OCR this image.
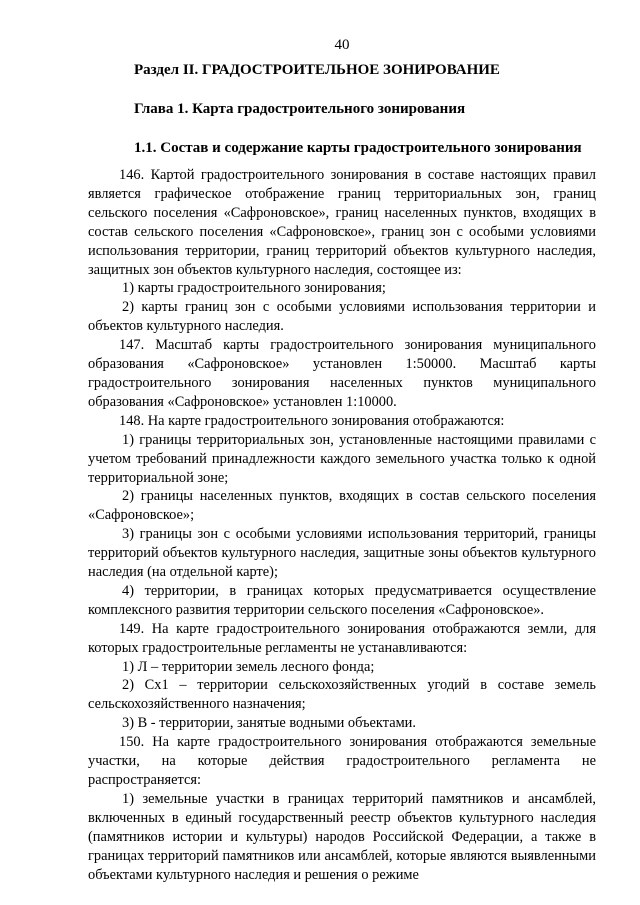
40
Раздел II. ГРАДОСТРОИТЕЛЬНОЕ ЗОНИРОВАНИЕ
Глава 1. Карта градостроительного зонирования
1.1. Состав и содержание карты градостроительного зонирования

146. Картой градостроительного зонирования в составе настоящих правил является графическое отображение границ территориальных зон, границ сельского поселения «Сафроновское», границ населенных пунктов, входящих в состав сельского поселения «Сафроновское», границ зон с особыми условиями использования территории, границ территорий объектов культурного наследия, защитных зон объектов культурного наследия, состоящее из:

1) карты градостроительного зонирования;

2) карты границ зон с особыми условиями использования территории и объектов культурного наследия.

147. Масштаб карты градостроительного зонирования муниципального образования «Сафроновское» установлен 1:50000. Масштаб карты градостроительного зонирования населенных пунктов муниципального образования «Сафроновское» установлен 1:10000.

148. На карте градостроительного зонирования отображаются:

1) границы территориальных зон, установленные настоящими правилами с учетом требований принадлежности каждого земельного участка только к одной территориальной зоне;

2) границы населенных пунктов, входящих в состав сельского поселения «Сафроновское»;

3) границы зон с особыми условиями использования территорий, границы территорий объектов культурного наследия, защитные зоны объектов культурного наследия (на отдельной карте);

4) территории, в границах которых предусматривается осуществление комплексного развития территории сельского поселения «Сафроновское».

149. На карте градостроительного зонирования отображаются земли, для которых градостроительные регламенты не устанавливаются:

1) Л – территории земель лесного фонда;

2) Сх1 – территории сельскохозяйственных угодий в составе земель сельскохозяйственного назначения;

3) В - территории, занятые водными объектами.

150. На карте градостроительного зонирования отображаются земельные участки, на которые действия градостроительного регламента не распространяется:

1) земельные участки в границах территорий памятников и ансамблей, включенных в единый государственный реестр объектов культурного наследия (памятников истории и культуры) народов Российской Федерации, а также в границах территорий памятников или ансамблей, которые являются выявленными объектами культурного наследия и решения о режиме
